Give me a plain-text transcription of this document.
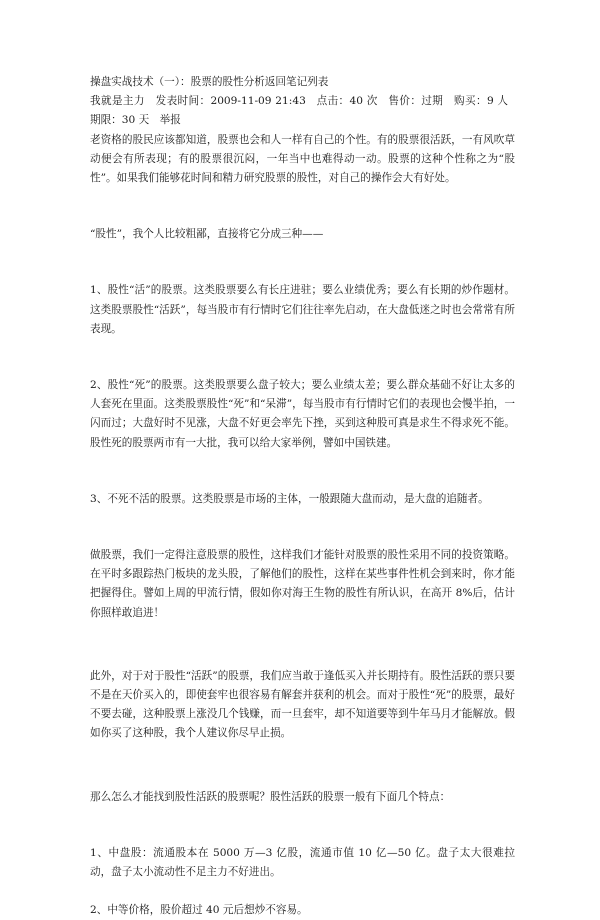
操盘实战技术（一）：股票的股性分析返回笔记列表

我就是主力 发表时间：2009-11-09 21:43 点击：40 次 售价：过期 购买：9 人 期限：30 天 举报

老资格的股民应该都知道，股票也会和人一样有自己的个性。有的股票很活跃，一有风吹草动便会有所表现；有的股票很沉闷，一年当中也难得动一动。股票的这种个性称之为“股性”。如果我们能够花时间和精力研究股票的股性，对自己的操作会大有好处。

“股性”，我个人比较粗鄙，直接将它分成三种——

1、股性“活”的股票。这类股票要么有长庄进驻；要么业绩优秀；要么有长期的炒作题材。这类股票股性“活跃”，每当股市有行情时它们往往率先启动，在大盘低迷之时也会常常有所表现。

2、股性“死”的股票。这类股票要么盘子较大；要么业绩太差；要么群众基础不好让太多的人套死在里面。这类股票股性“死”和“呆滞”，每当股市有行情时它们的表现也会慢半拍，一闪而过；大盘好时不见涨，大盘不好更会率先下挫，买到这种股可真是求生不得求死不能。股性死的股票两市有一大批，我可以给大家举例，譬如中国铁建。

3、不死不活的股票。这类股票是市场的主体，一般跟随大盘而动，是大盘的追随者。

做股票，我们一定得注意股票的股性，这样我们才能针对股票的股性采用不同的投资策略。在平时多跟踪热门板块的龙头股，了解他们的股性，这样在某些事件性机会到来时，你才能把握得住。譬如上周的甲流行情，假如你对海王生物的股性有所认识，在高开 8%后，估计你照样敢追进！

此外，对于对于股性“活跃”的股票，我们应当敢于逢低买入并长期持有。股性活跃的票只要不是在天价买入的，即使套牢也很容易有解套并获利的机会。而对于股性“死”的股票，最好不要去碰，这种股票上涨没几个钱赚，而一旦套牢，却不知道要等到牛年马月才能解放。假如你买了这种股，我个人建议你尽早止损。

那么怎么才能找到股性活跃的股票呢？股性活跃的股票一般有下面几个特点：

1、中盘股：流通股本在 5000 万—3 亿股，流通市值 10 亿—50 亿。盘子太大很难拉动，盘子太小流动性不足主力不好进出。

2、中等价格，股价超过 40 元后想炒不容易。
